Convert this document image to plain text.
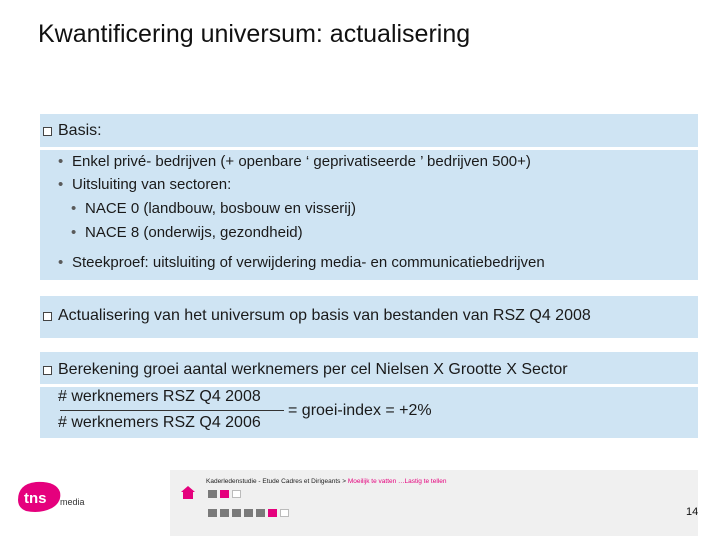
Kwantificering universum: actualisering
Basis:
• Enkel privé- bedrijven (+ openbare ‘ geprivatiseerde ’ bedrijven 500+)
• Uitsluiting van sectoren:
• NACE 0 (landbouw, bosbouw en visserij)
• NACE 8 (onderwijs, gezondheid)
• Steekproef: uitsluiting of verwijdering media- en communicatiebedrijven
Actualisering van het universum op basis van bestanden van RSZ Q4 2008
Berekening groei aantal werknemers per cel Nielsen X Grootte X Sector
# werknemers RSZ Q4 2008
# werknemers RSZ Q4 2006
= groei-index = +2%
tns media
Kaderledenstudie - Etude Cadres et Dirigeants > Moeilijk te vatten …Lastig te tellen
14
